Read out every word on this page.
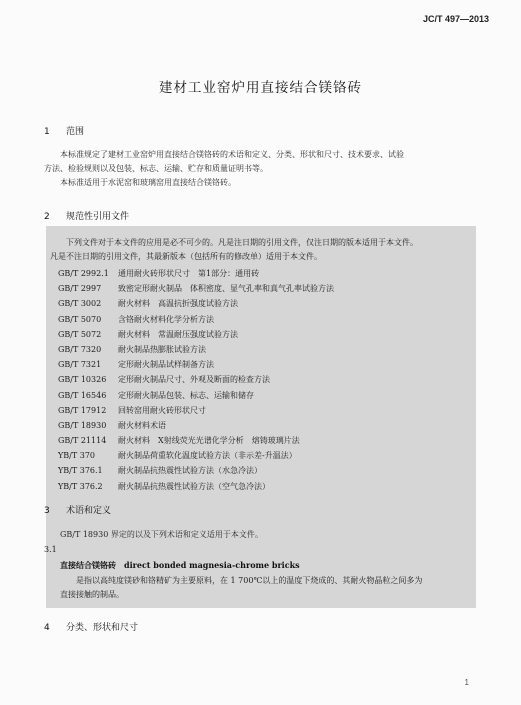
JC/T 497—2013
建材工业窑炉用直接结合镁铬砖
1 范围
本标准规定了建材工业窑炉用直接结合镁铬砖的术语和定义、分类、形状和尺寸、技术要求、试验
方法、检验规则以及包装、标志、运输、贮存和质量证明书等。
本标准适用于水泥窑和玻璃窑用直接结合镁铬砖。
2 规范性引用文件
下列文件对于本文件的应用是必不可少的。凡是注日期的引用文件，仅注日期的版本适用于本文件。
凡是不注日期的引用文件，其最新版本（包括所有的修改单）适用于本文件。
GB/T 2992.1 通用耐火砖形状尺寸　第1部分：通用砖
GB/T 2997 致密定形耐火制品　体积密度、显气孔率和真气孔率试验方法
GB/T 3002 耐火材料　高温抗折强度试验方法
GB/T 5070 含铬耐火材料化学分析方法
GB/T 5072 耐火材料　常温耐压强度试验方法
GB/T 7320 耐火制品热膨胀试验方法
GB/T 7321 定形耐火制品试样制备方法
GB/T 10326 定形耐火制品尺寸、外观及断面的检查方法
GB/T 16546 定形耐火制品包装、标志、运输和储存
GB/T 17912 回转窑用耐火砖形状尺寸
GB/T 18930 耐火材料术语
GB/T 21114 耐火材料　X射线荧光光谱化学分析　熔铸玻璃片法
YB/T 370	耐火制品荷重软化温度试验方法（非示差-升温法）
YB/T 376.1 耐火制品抗热震性试验方法（水急冷法）
YB/T 376.2 耐火制品抗热震性试验方法（空气急冷法）
3 术语和定义
GB/T 18930 界定的以及下列术语和定义适用于本文件。
3.1
直接结合镁铬砖 direct bonded magnesia-chrome bricks
是指以高纯度镁砂和铬精矿为主要原料，在 1 700℃以上的温度下烧成的、其耐火物晶粒之间多为
直接接触的制品。
4 分类、形状和尺寸
1
